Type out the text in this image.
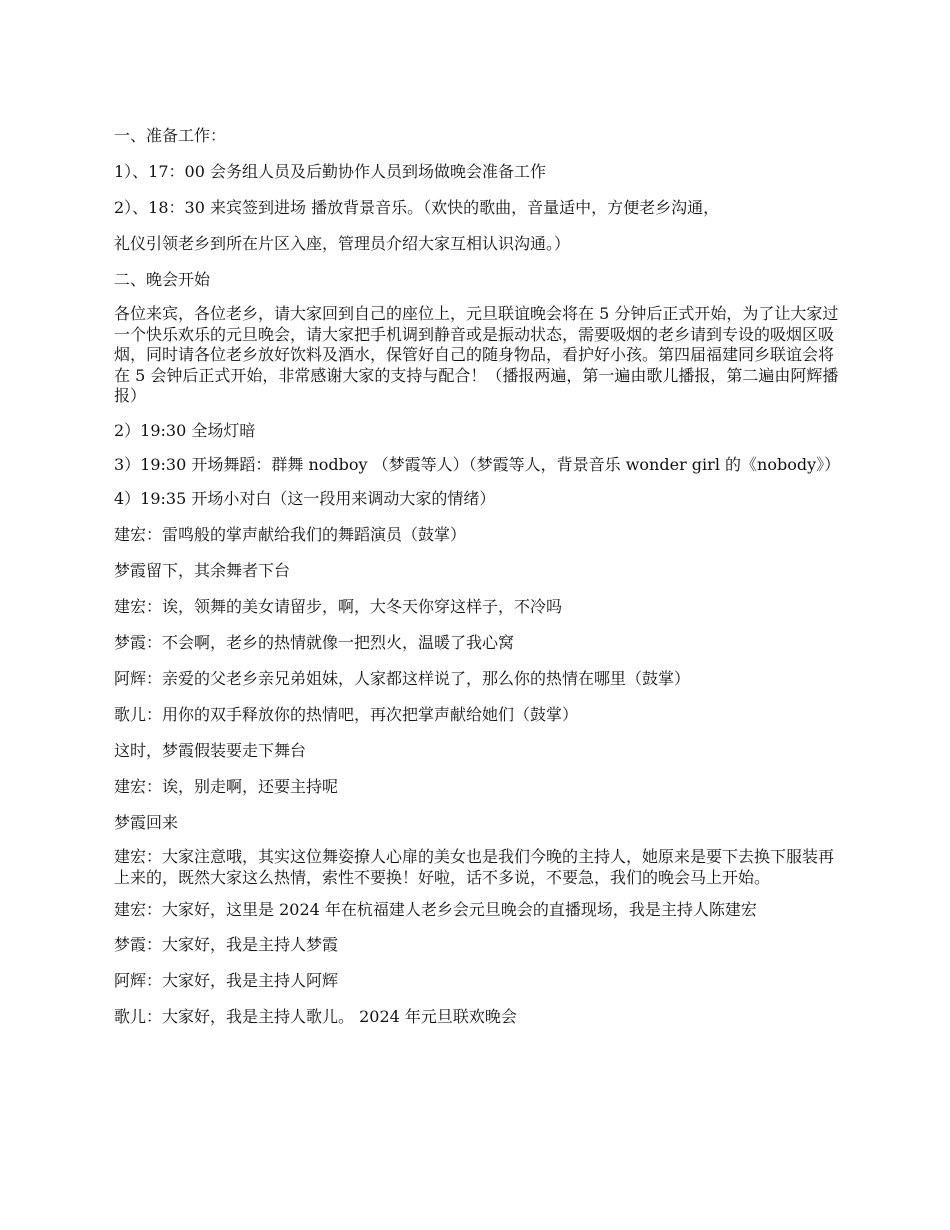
一、准备工作：

1）、17：00 会务组人员及后勤协作人员到场做晚会准备工作

2）、18：30 来宾签到进场 播放背景音乐。（欢快的歌曲，音量适中，方便老乡沟通，

礼仪引领老乡到所在片区入座，管理员介绍大家互相认识沟通。）

二、晚会开始

各位来宾，各位老乡，请大家回到自己的座位上，元旦联谊晚会将在 5 分钟后正式开始，为了让大家过一个快乐欢乐的元旦晚会，请大家把手机调到静音或是振动状态，需要吸烟的老乡请到专设的吸烟区吸烟，同时请各位老乡放好饮料及酒水，保管好自己的随身物品，看护好小孩。第四届福建同乡联谊会将在 5 会钟后正式开始，非常感谢大家的支持与配合！（播报两遍，第一遍由歌儿播报，第二遍由阿辉播报）

2）19:30 全场灯暗

3）19:30 开场舞蹈：群舞 nodboy （梦霞等人）（梦霞等人，背景音乐 wonder girl 的《nobody》）

4）19:35 开场小对白（这一段用来调动大家的情绪）

建宏：雷鸣般的掌声献给我们的舞蹈演员（鼓掌）

梦霞留下，其余舞者下台

建宏：诶，领舞的美女请留步，啊，大冬天你穿这样子，不冷吗

梦霞：不会啊，老乡的热情就像一把烈火，温暖了我心窝

阿辉：亲爱的父老乡亲兄弟姐妹，人家都这样说了，那么你的热情在哪里（鼓掌）

歌儿：用你的双手释放你的热情吧，再次把掌声献给她们（鼓掌）

这时，梦霞假装要走下舞台

建宏：诶，别走啊，还要主持呢

梦霞回来

建宏：大家注意哦，其实这位舞姿撩人心扉的美女也是我们今晚的主持人，她原来是要下去换下服装再上来的，既然大家这么热情，索性不要换！好啦，话不多说，不要急，我们的晚会马上开始。

建宏：大家好，这里是 2024 年在杭福建人老乡会元旦晚会的直播现场，我是主持人陈建宏

梦霞：大家好，我是主持人梦霞

阿辉：大家好，我是主持人阿辉

歌儿：大家好，我是主持人歌儿。 2024 年元旦联欢晚会
